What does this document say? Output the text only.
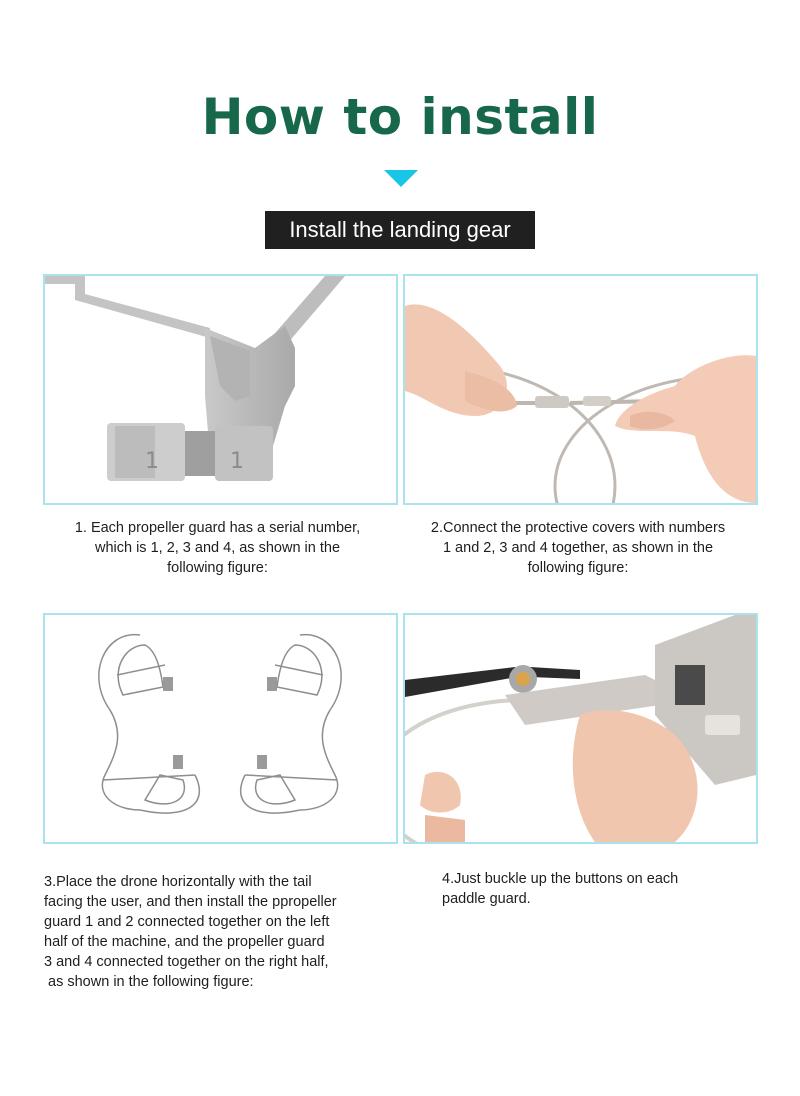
How to install
Install the landing gear
1	1
1. Each propeller guard has a serial number,
which is 1, 2, 3 and 4, as shown in the
following figure:
2.Connect the protective covers with numbers
1 and 2, 3 and 4 together, as shown in the
following figure:
3.Place the drone horizontally with the tail
facing the user, and then install the ppropeller
guard 1 and 2 connected together on the left
half of the machine, and the propeller guard
3 and 4 connected together on the right half,
as shown in the following figure:
4.Just buckle up the buttons on each
paddle guard.
